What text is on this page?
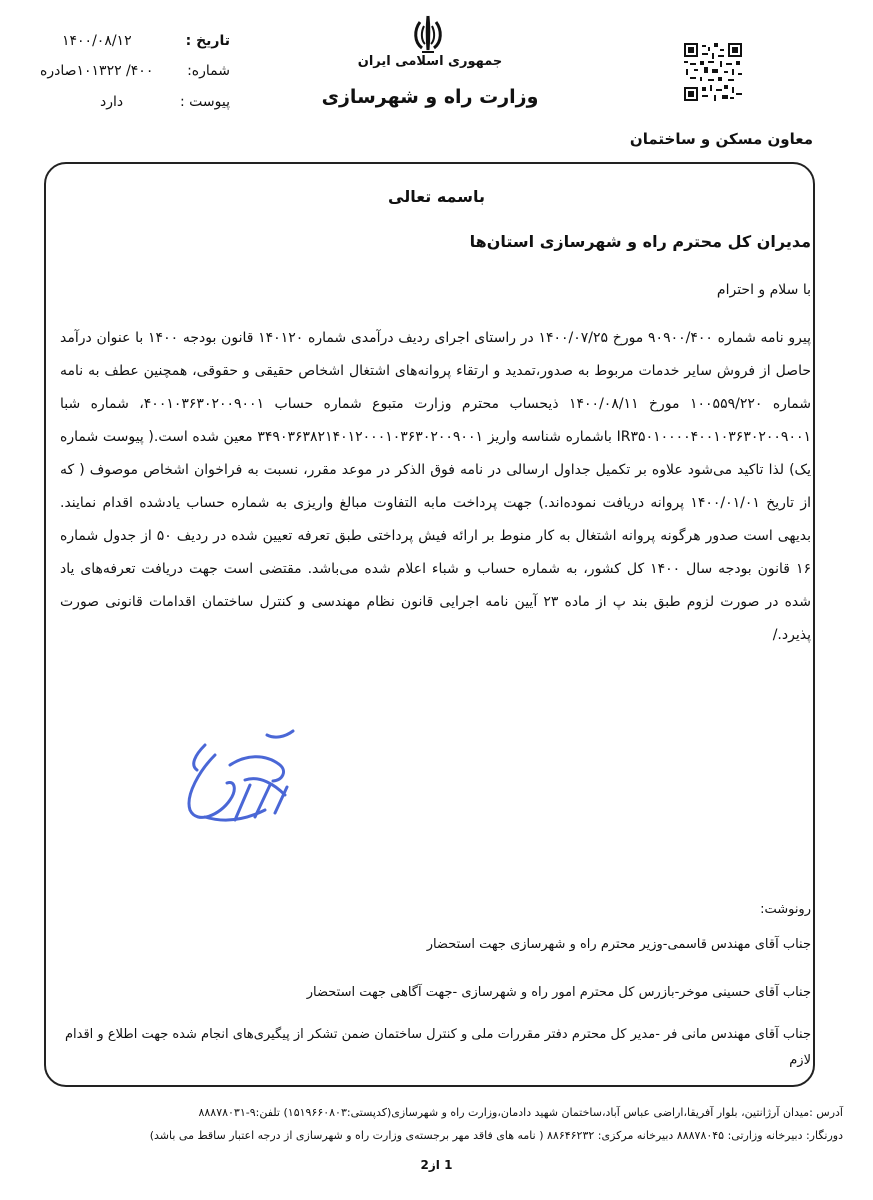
تاریخ :
۱۴۰۰/۰۸/۱۲
شماره:
۴۰۰/ ۱۰۱۳۲۲صادره
پیوست :
دارد
جمهوری اسلامی ایران
وزارت راه و شهرسازی
معاون مسکن و ساختمان
باسمه تعالی
مدیران کل محترم راه و شهرسازی استان‌ها
با سلام و احترام
پیرو نامه شماره ۹۰۹۰۰/۴۰۰ مورخ ۱۴۰۰/۰۷/۲۵ در راستای اجرای ردیف درآمدی شماره ۱۴۰۱۲۰ قانون بودجه ۱۴۰۰ با عنوان درآمد حاصل از فروش سایر خدمات مربوط به صدور،تمدید و ارتقاء پروانه‌های اشتغال اشخاص حقیقی و حقوقی، همچنین عطف به نامه شماره ۱۰۰۵۵۹/۲۲۰ مورخ ۱۴۰۰/۰۸/۱۱ ذیحساب محترم وزارت متبوع شماره حساب ۴۰۰۱۰۳۶۳۰۲۰۰۹۰۰۱، شماره شبا IR۳۵۰۱۰۰۰۰۴۰۰۱۰۳۶۳۰۲۰۰۹۰۰۱ باشماره شناسه واریز ۳۴۹۰۳۶۳۸۲۱۴۰۱۲۰۰۰۱۰۳۶۳۰۲۰۰۹۰۰۱ معین شده است.( پیوست شماره یک) لذا تاکید می‌شود علاوه بر تکمیل جداول ارسالی در نامه فوق الذکر در موعد مقرر، نسبت به فراخوان اشخاص موصوف ( که از تاریخ ۱۴۰۰/۰۱/۰۱ پروانه دریافت نموده‌اند.) جهت پرداخت مابه التفاوت مبالغ واریزی به شماره حساب یادشده اقدام نمایند. بدیهی است صدور هرگونه پروانه اشتغال به کار منوط بر ارائه فیش پرداختی طبق تعرفه تعیین شده در ردیف ۵۰ از جدول شماره ۱۶ قانون بودجه سال ۱۴۰۰ کل کشور، به شماره حساب و شباء اعلام شده می‌باشد. مقتضی است جهت دریافت تعرفه‌های یاد شده در صورت لزوم طبق بند پ از ماده ۲۳ آیین نامه اجرایی قانون نظام مهندسی و کنترل ساختمان اقدامات قانونی صورت پذیرد./
رونوشت:
جناب آقای مهندس قاسمی-وزیر محترم راه و شهرسازی جهت استحضار
جناب آقای حسینی موخر-بازرس کل محترم امور راه و شهرسازی -جهت آگاهی جهت استحضار
جناب آقای مهندس مانی فر -مدیر کل محترم دفتر مقررات ملی و کنترل ساختمان ضمن تشکر از پیگیری‌های انجام شده جهت اطلاع و اقدام لازم
آدرس :میدان آرژانتین، بلوار آفریقا،اراضی عباس آباد،ساختمان شهید دادمان،وزارت راه و شهرسازی(کدپستی:۱۵۱۹۶۶۰۸۰۳) تلفن:۹-۸۸۸۷۸۰۳۱
دورنگار: دبیرخانه وزارتی: ۸۸۸۷۸۰۴۵ دبیرخانه مرکزی: ۸۸۶۴۶۲۳۲ ( نامه های فاقد مهر برجسته‌ی وزارت راه و شهرسازی از درجه اعتبار ساقط می باشد)
1 از2
